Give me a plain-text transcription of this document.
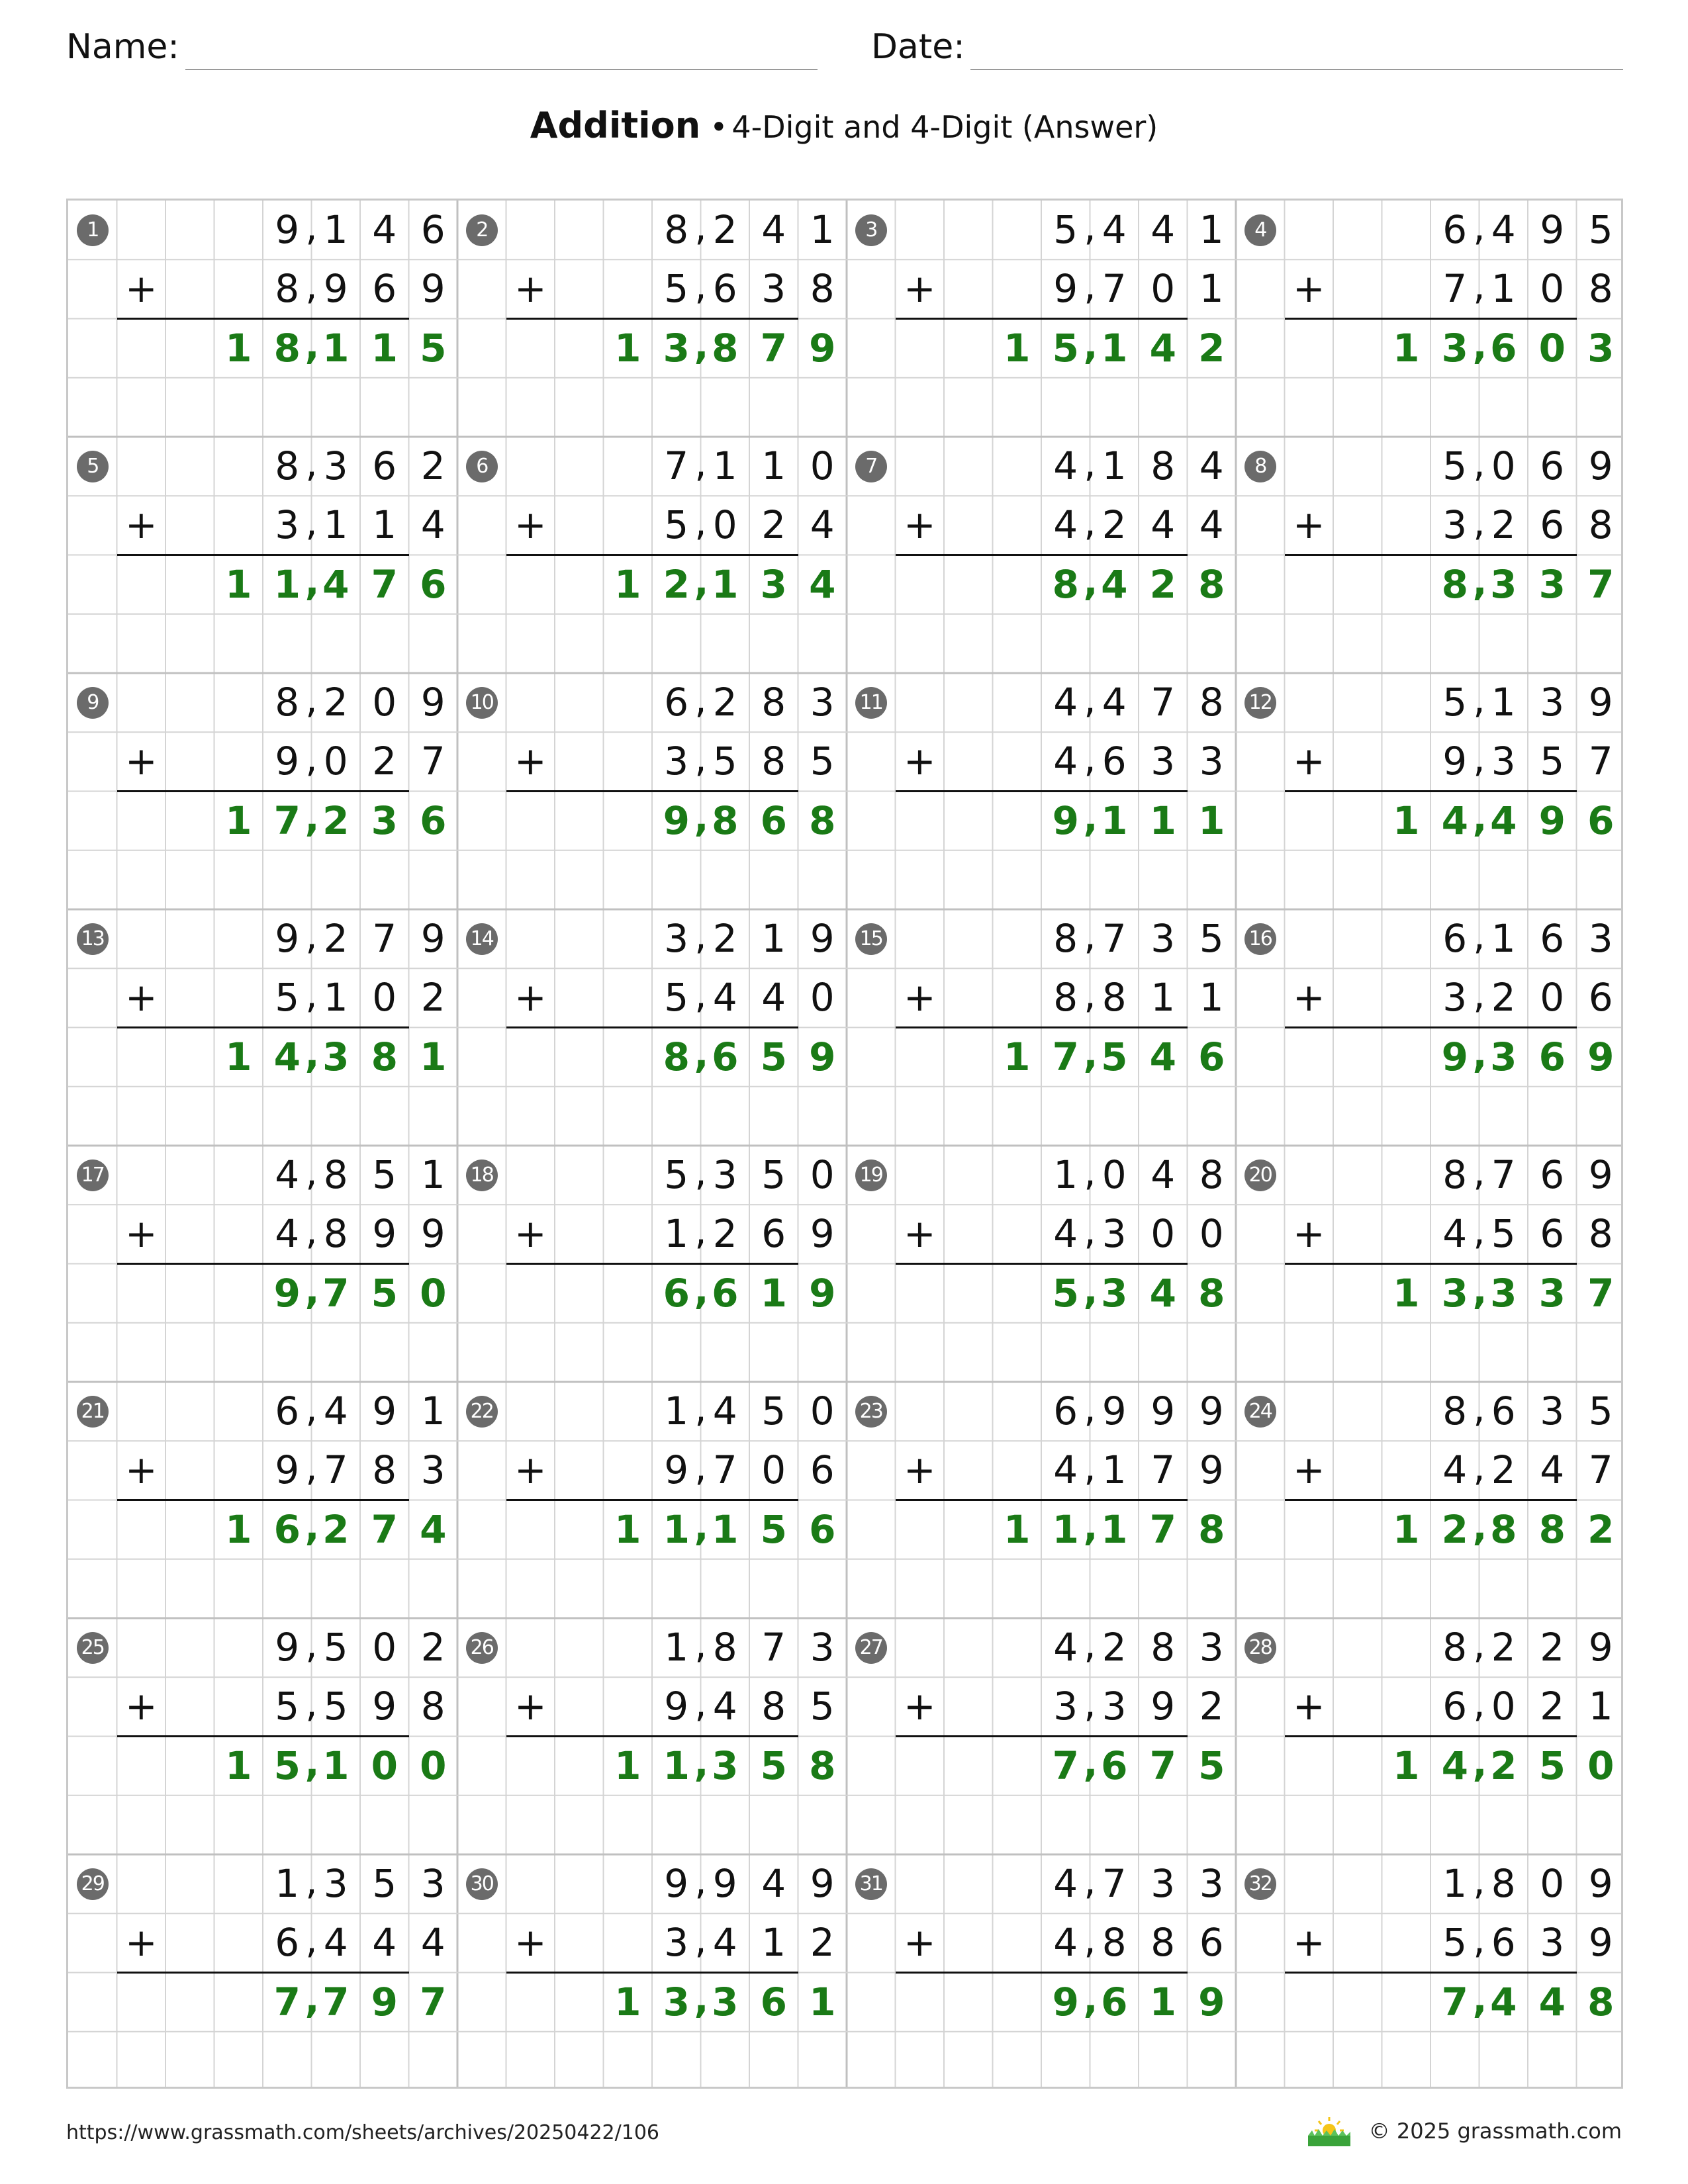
Name:	Date:
Addition • 4-Digit and 4-Digit (Answer)
1	9 1 4 6
,
+	8 9 6 9
,
1 8 1 1 5
,
2	8 2 4 1
,
+	5 6 3 8
,
1 3 8 7 9
,
3	5 4 4 1
,
+	9 7 0 1
,
1 5 1 4 2
,
4	6 4 9 5
,
+	7 1 0 8
,
1 3 6 0 3
,
5	8 3 6 2
,
+	3 1 1 4
,
1 1 4 7 6
,
6	7 1 1 0
,
+	5 0 2 4
,
1 2 1 3 4
,
7	4 1 8 4
,
+	4 2 4 4
,
8 4 2 8
,
8	5 0 6 9
,
+	3 2 6 8
,
8 3 3 7
,
9	8 2 0 9
,
+	9 0 2 7
,
1 7 2 3 6
,
10	6 2 8 3
,
+	3 5 8 5
,
9 8 6 8
,
11	4 4 7 8
,
+	4 6 3 3
,
9 1 1 1
,
12	5 1 3 9
,
+	9 3 5 7
,
1 4 4 9 6
,
13	9 2 7 9
,
+	5 1 0 2
,
1 4 3 8 1
,
14	3 2 1 9
,
+	5 4 4 0
,
8 6 5 9
,
15	8 7 3 5
,
+	8 8 1 1
,
1 7 5 4 6
,
16	6 1 6 3
,
+	3 2 0 6
,
9 3 6 9
,
17	4 8 5 1
,
+	4 8 9 9
,
9 7 5 0
,
18	5 3 5 0
,
+	1 2 6 9
,
6 6 1 9
,
19	1 0 4 8
,
+	4 3 0 0
,
5 3 4 8
,
20	8 7 6 9
,
+	4 5 6 8
,
1 3 3 3 7
,
21	6 4 9 1
,
+	9 7 8 3
,
1 6 2 7 4
,
22	1 4 5 0
,
+	9 7 0 6
,
1 1 1 5 6
,
23	6 9 9 9
,
+	4 1 7 9
,
1 1 1 7 8
,
24	8 6 3 5
,
+	4 2 4 7
,
1 2 8 8 2
,
25	9 5 0 2
,
+	5 5 9 8
,
1 5 1 0 0
,
26	1 8 7 3
,
+	9 4 8 5
,
1 1 3 5 8
,
27	4 2 8 3
,
+	3 3 9 2
,
7 6 7 5
,
28	8 2 2 9
,
+	6 0 2 1
,
1 4 2 5 0
,
29	1 3 5 3
,
+	6 4 4 4
,
7 7 9 7
,
30	9 9 4 9
,
+	3 4 1 2
,
1 3 3 6 1
,
31	4 7 3 3
,
+	4 8 8 6
,
9 6 1 9
,
32	1 8 0 9
,
+	5 6 3 9
,
7 4 4 8
,
https://www.grassmath.com/sheets/archives/20250422/106	© 2025 grassmath.com
